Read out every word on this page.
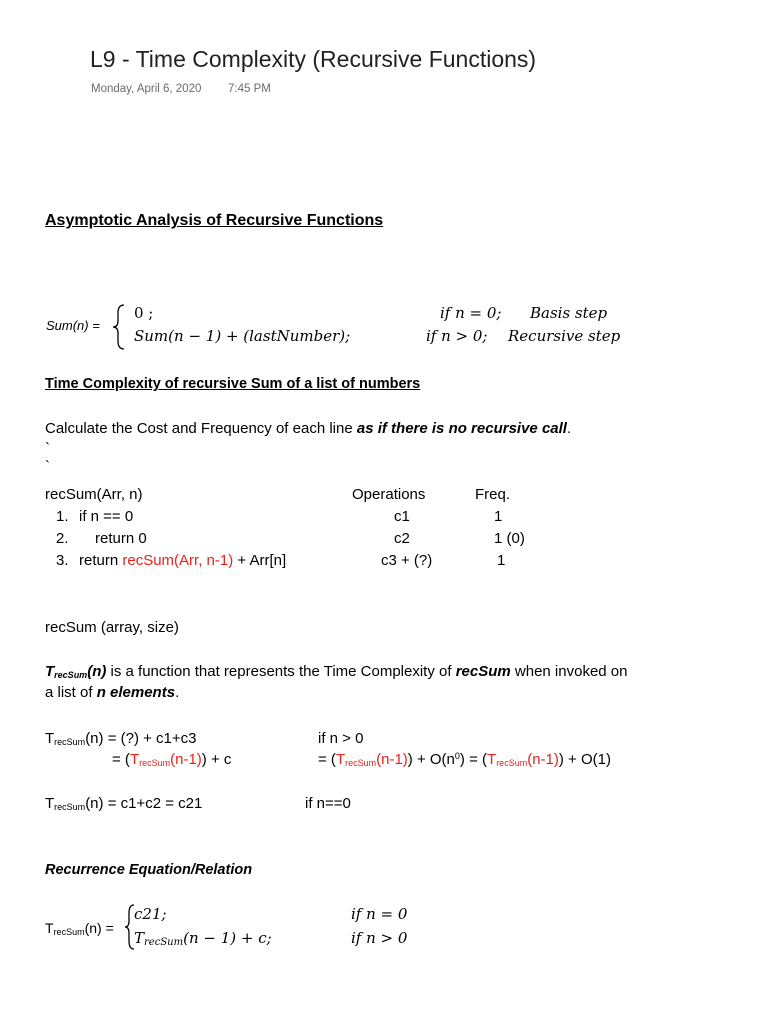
L9 - Time Complexity (Recursive Functions)
Monday, April 6, 2020 7:45 PM
Asymptotic Analysis of Recursive Functions
Sum(n) =
0 ;
Sum(n − 1) + (lastNumber);
if n = 0; Basis step
if n > 0; Recursive step
Time Complexity of recursive Sum of a list of numbers
Calculate the Cost and Frequency of each line as if there is no recursive call.
`
`
recSum(Arr, n)	Operations	Freq.
1. if n == 0	c1	1
2. return 0	c2	1 (0)
3. return recSum(Arr, n-1) + Arr[n]	c3 + (?)	1
recSum (array, size)
$T_{recSum}(n)$ is a function that represents the Time Complexity of recSum when invoked on
a list of n elements.
$T_{recSum}(n)$ = (?) + c1+c3	if n > 0
= $(T_{recSum}(n-1)) + c$	= $(T_{recSum}(n-1)) + O(n^0) = (T_{recSum}(n-1)) + O(1)$
$T_{recSum}(n) = c1+c2 = c21$	if n==0
Recurrence Equation/Relation
$T_{recSum}(n)$ =
c21;
$T_{recSum}(n - 1) + c$;
if n = 0
if n > 0
